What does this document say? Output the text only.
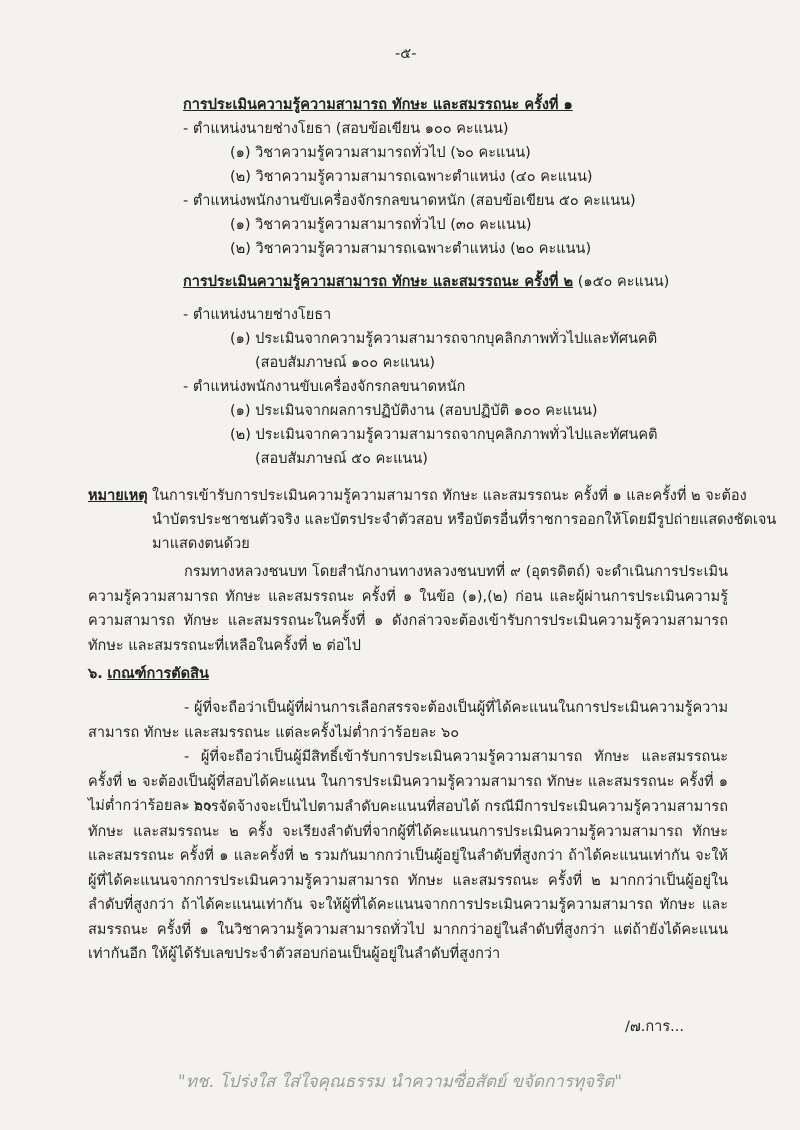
-๕-
การประเมินความรู้ความสามารถ ทักษะ และสมรรถนะ ครั้งที่ ๑
- ตำแหน่งนายช่างโยธา (สอบข้อเขียน ๑๐๐ คะแนน)
(๑) วิชาความรู้ความสามารถทั่วไป (๖๐ คะแนน)
(๒) วิชาความรู้ความสามารถเฉพาะตำแหน่ง (๔๐ คะแนน)
- ตำแหน่งพนักงานขับเครื่องจักรกลขนาดหนัก (สอบข้อเขียน ๕๐ คะแนน)
(๑) วิชาความรู้ความสามารถทั่วไป (๓๐ คะแนน)
(๒) วิชาความรู้ความสามารถเฉพาะตำแหน่ง (๒๐ คะแนน)
การประเมินความรู้ความสามารถ ทักษะ และสมรรถนะ ครั้งที่ ๒ (๑๕๐ คะแนน)
- ตำแหน่งนายช่างโยธา
(๑) ประเมินจากความรู้ความสามารถจากบุคลิกภาพทั่วไปและทัศนคติ
(สอบสัมภาษณ์ ๑๐๐ คะแนน)
- ตำแหน่งพนักงานขับเครื่องจักรกลขนาดหนัก
(๑) ประเมินจากผลการปฏิบัติงาน (สอบปฏิบัติ ๑๐๐ คะแนน)
(๒) ประเมินจากความรู้ความสามารถจากบุคลิกภาพทั่วไปและทัศนคติ
(สอบสัมภาษณ์ ๕๐ คะแนน)
หมายเหตุ ในการเข้ารับการประเมินความรู้ความสามารถ ทักษะ และสมรรถนะ ครั้งที่ ๑ และครั้งที่ ๒ จะต้อง
นำบัตรประชาชนตัวจริง และบัตรประจำตัวสอบ หรือบัตรอื่นที่ราชการออกให้โดยมีรูปถ่ายแสดงชัดเจน
มาแสดงตนด้วย
กรมทางหลวงชนบท โดยสำนักงานทางหลวงชนบทที่ ๙ (อุตรดิตถ์) จะดำเนินการประเมินความรู้ความสามารถ ทักษะ และสมรรถนะ ครั้งที่ ๑ ในข้อ (๑),(๒) ก่อน และผู้ผ่านการประเมินความรู้ความสามารถ ทักษะ และสมรรถนะในครั้งที่ ๑ ดังกล่าวจะต้องเข้ารับการประเมินความรู้ความสามารถ ทักษะ และสมรรถนะที่เหลือในครั้งที่ ๒ ต่อไป
๖. เกณฑ์การตัดสิน
- ผู้ที่จะถือว่าเป็นผู้ที่ผ่านการเลือกสรรจะต้องเป็นผู้ที่ได้คะแนนในการประเมินความรู้ความสามารถ ทักษะ และสมรรถนะ แต่ละครั้งไม่ต่ำกว่าร้อยละ ๖๐
- ผู้ที่จะถือว่าเป็นผู้มีสิทธิ์เข้ารับการประเมินความรู้ความสามารถ ทักษะ และสมรรถนะ ครั้งที่ ๒ จะต้องเป็นผู้ที่สอบได้คะแนน ในการประเมินความรู้ความสามารถ ทักษะ และสมรรถนะ ครั้งที่ ๑ ไม่ต่ำกว่าร้อยละ ๖๐
- การจัดจ้างจะเป็นไปตามลำดับคะแนนที่สอบได้ กรณีมีการประเมินความรู้ความสามารถ ทักษะ และสมรรถนะ ๒ ครั้ง จะเรียงลำดับที่จากผู้ที่ได้คะแนนการประเมินความรู้ความสามารถ ทักษะ และสมรรถนะ ครั้งที่ ๑ และครั้งที่ ๒ รวมกันมากกว่าเป็นผู้อยู่ในลำดับที่สูงกว่า ถ้าได้คะแนนเท่ากัน จะให้ผู้ที่ได้คะแนนจากการประเมินความรู้ความสามารถ ทักษะ และสมรรถนะ ครั้งที่ ๒ มากกว่าเป็นผู้อยู่ในลำดับที่สูงกว่า ถ้าได้คะแนนเท่ากัน จะให้ผู้ที่ได้คะแนนจากการประเมินความรู้ความสามารถ ทักษะ และสมรรถนะ ครั้งที่ ๑ ในวิชาความรู้ความสามารถทั่วไป มากกว่าอยู่ในลำดับที่สูงกว่า แต่ถ้ายังได้คะแนนเท่ากันอีก ให้ผู้ได้รับเลขประจำตัวสอบก่อนเป็นผู้อยู่ในลำดับที่สูงกว่า
/๗.การ...
"ทช. โปร่งใส ใส่ใจคุณธรรม นำความซื่อสัตย์ ขจัดการทุจริต"
